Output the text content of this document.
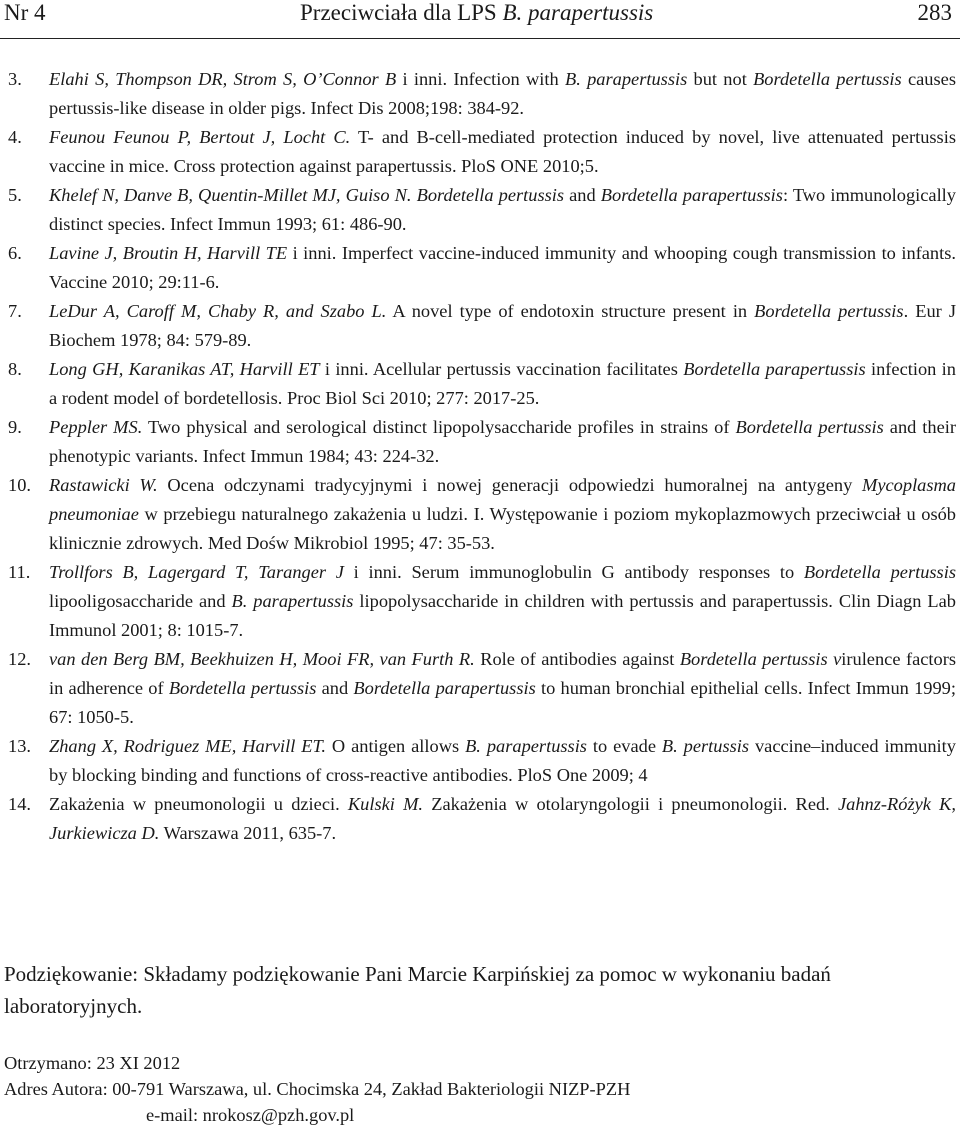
Nr 4	Przeciwciała dla LPS B. parapertussis	283
3. Elahi S, Thompson DR, Strom S, O’Connor B i inni. Infection with B. parapertussis but not Bordetella pertussis causes pertussis-like disease in older pigs. Infect Dis 2008;198: 384-92.
4. Feunou Feunou P, Bertout J, Locht C. T- and B-cell-mediated protection induced by novel, live attenuated pertussis vaccine in mice. Cross protection against parapertussis. PloS ONE 2010;5.
5. Khelef N, Danve B, Quentin-Millet MJ, Guiso N. Bordetella pertussis and Bordetella parapertussis: Two immunologically distinct species. Infect Immun 1993; 61: 486-90.
6. Lavine J, Broutin H, Harvill TE i inni. Imperfect vaccine-induced immunity and whooping cough transmission to infants. Vaccine 2010; 29:11-6.
7. LeDur A, Caroff M, Chaby R, and Szabo L. A novel type of endotoxin structure present in Bordetella pertussis. Eur J Biochem 1978; 84: 579-89.
8. Long GH, Karanikas AT, Harvill ET i inni. Acellular pertussis vaccination facilitates Bordetella parapertussis infection in a rodent model of bordetellosis. Proc Biol Sci 2010; 277: 2017-25.
9. Peppler MS. Two physical and serological distinct lipopolysaccharide profiles in strains of Bordetella pertussis and their phenotypic variants. Infect Immun 1984; 43: 224-32.
10. Rastawicki W. Ocena odczynami tradycyjnymi i nowej generacji odpowiedzi humoralnej na antygeny Mycoplasma pneumoniae w przebiegu naturalnego zakażenia u ludzi. I. Występowanie i poziom mykoplazmowych przeciwciał u osób klinicznie zdrowych. Med Dośw Mikrobiol 1995; 47: 35-53.
11. Trollfors B, Lagergard T, Taranger J i inni. Serum immunoglobulin G antibody responses to Bordetella pertussis lipooligosaccharide and B. parapertussis lipopolysaccharide in children with pertussis and parapertussis. Clin Diagn Lab Immunol 2001; 8: 1015-7.
12. van den Berg BM, Beekhuizen H, Mooi FR, van Furth R. Role of antibodies against Bordetella pertussis virulence factors in adherence of Bordetella pertussis and Bordetella parapertussis to human bronchial epithelial cells. Infect Immun 1999; 67: 1050-5.
13. Zhang X, Rodriguez ME, Harvill ET. O antigen allows B. parapertussis to evade B. pertussis vaccine–induced immunity by blocking binding and functions of cross-reactive antibodies. PloS One 2009; 4
14. Zakażenia w pneumonologii u dzieci. Kulski M. Zakażenia w otolaryngologii i pneumonologii. Red. Jahnz-Różyk K, Jurkiewicza D. Warszawa 2011, 635-7.
Podziękowanie: Składamy podziękowanie Pani Marcie Karpińskiej za pomoc w wykonaniu badań laboratoryjnych.
Otrzymano: 23 XI 2012
Adres Autora: 00-791 Warszawa, ul. Chocimska 24, Zakład Bakteriologii NIZP-PZH
e-mail: nrokosz@pzh.gov.pl
